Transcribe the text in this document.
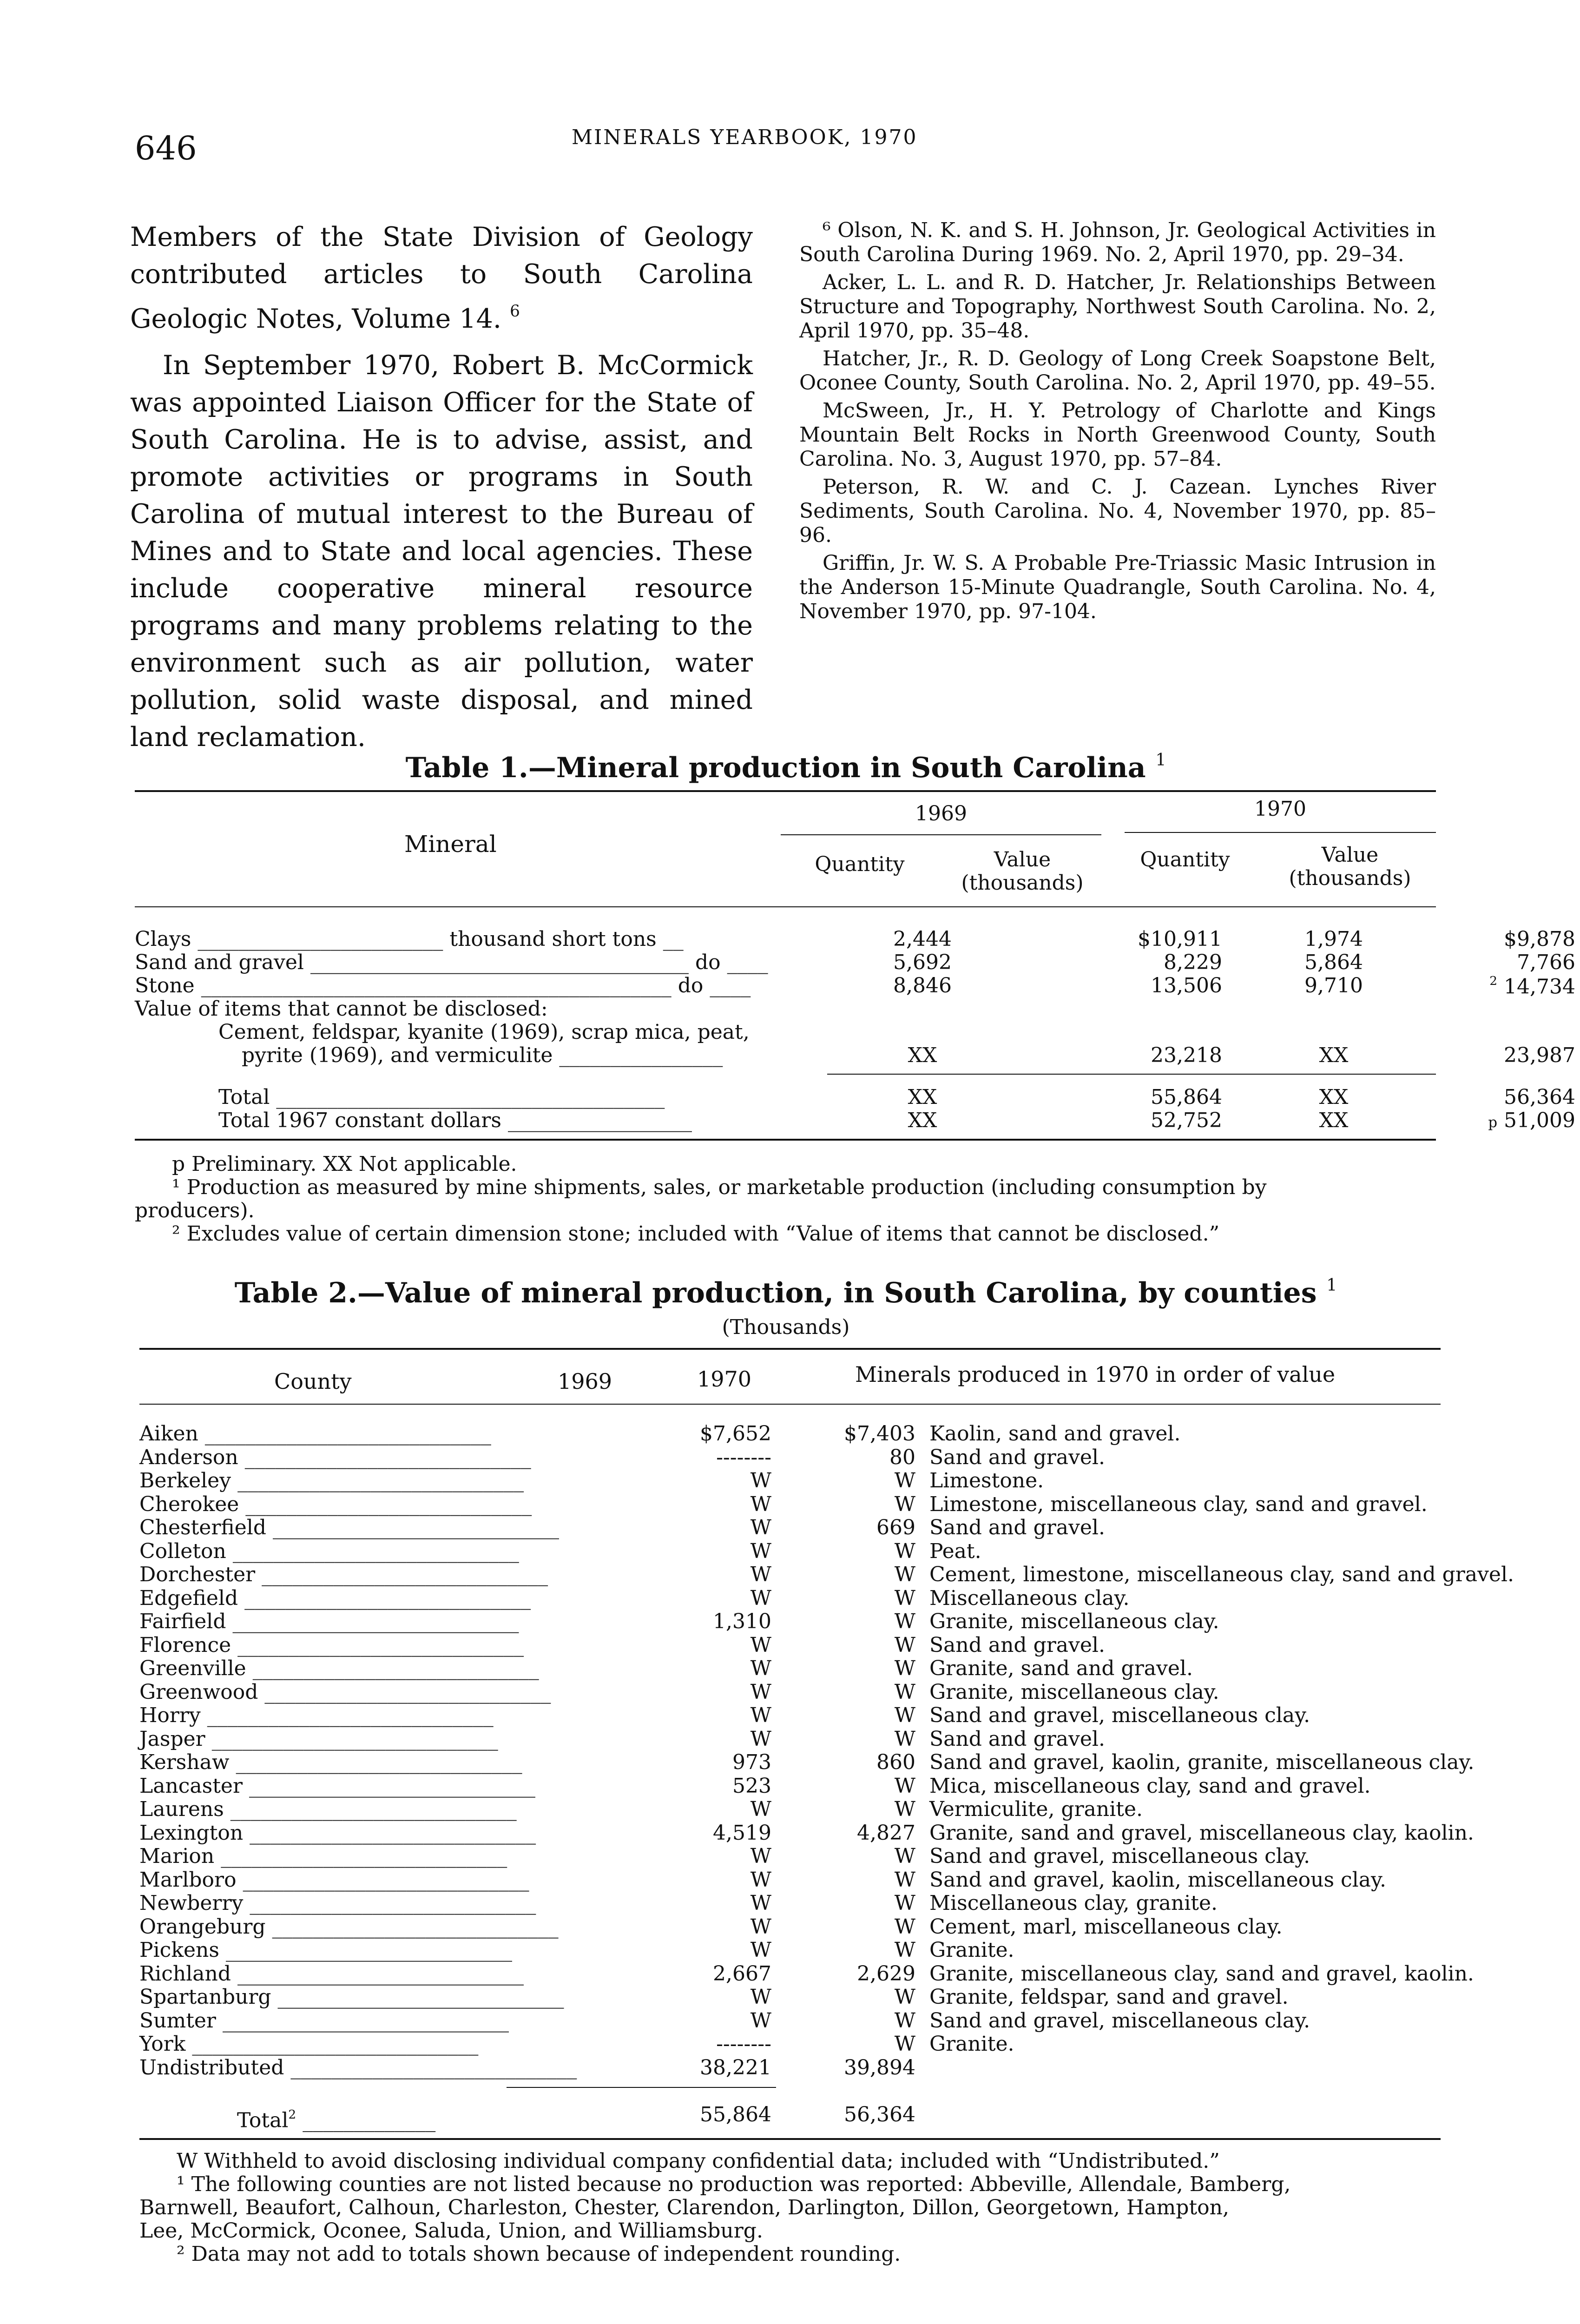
646	MINERALS YEARBOOK, 1970

Members of the State Division of Geology contributed articles to South Carolina Geologic Notes, Volume 14. $^6$

In September 1970, Robert B. McCormick was appointed Liaison Officer for the State of South Carolina. He is to advise, assist, and promote activities or programs in South Carolina of mutual interest to the Bureau of Mines and to State and local agencies. These include cooperative mineral resource programs and many problems relating to the environment such as air pollution, water pollution, solid waste disposal, and mined land reclamation.

⁶ Olson, N. K. and S. H. Johnson, Jr. Geological Activities in South Carolina During 1969. No. 2, April 1970, pp. 29–34.

Acker, L. L. and R. D. Hatcher, Jr. Relationships Between Structure and Topography, Northwest South Carolina. No. 2, April 1970, pp. 35–48.

Hatcher, Jr., R. D. Geology of Long Creek Soapstone Belt, Oconee County, South Carolina. No. 2, April 1970, pp. 49–55.

McSween, Jr., H. Y. Petrology of Charlotte and Kings Mountain Belt Rocks in North Greenwood County, South Carolina. No. 3, August 1970, pp. 57–84.

Peterson, R. W. and C. J. Cazean. Lynches River Sediments, South Carolina. No. 4, November 1970, pp. 85–96.

Griffin, Jr. W. S. A Probable Pre-Triassic Masic Intrusion in the Anderson 15-Minute Quadrangle, South Carolina. No. 4, November 1970, pp. 97-104.

Table 1.—Mineral production in South Carolina $^1$
Mineral
1969	1970
Quantity	Value
(thousands)
Quantity	Value
(thousands)
Clays ________________________ thousand short tons __	2,444	$10,911	1,974	$9,878
Sand and gravel _____________________________________ do ____	5,692	8,229	5,864	7,766
Stone ______________________________________________ do ____	8,846	13,506	9,710	$^2$ 14,734
Value of items that cannot be disclosed:
Cement, feldspar, kyanite (1969), scrap mica, peat,
pyrite (1969), and vermiculite ________________	XX	23,218	XX	23,987
Total ______________________________________	XX	55,864	XX	56,364
Total 1967 constant dollars __________________	XX	52,752	XX	p 51,009
p Preliminary. XX Not applicable.
¹ Production as measured by mine shipments, sales, or marketable production (including consumption by
producers).
² Excludes value of certain dimension stone; included with “Value of items that cannot be disclosed.”
Table 2.—Value of mineral production, in South Carolina, by counties $^1$
(Thousands)
County	1969	1970	Minerals produced in 1970 in order of value
Aiken ____________________________	$7,652	$7,403 Kaolin, sand and gravel.
Anderson ____________________________	--------	80 Sand and gravel.
Berkeley ____________________________	W	W Limestone.
Cherokee ____________________________	W	W Limestone, miscellaneous clay, sand and gravel.
Chesterfield ____________________________	W	669 Sand and gravel.
Colleton ____________________________	W	W Peat.
Dorchester ____________________________	W	W Cement, limestone, miscellaneous clay, sand and gravel.
Edgefield ____________________________	W	W Miscellaneous clay.
Fairfield ____________________________	1,310	W Granite, miscellaneous clay.
Florence ____________________________	W	W Sand and gravel.
Greenville ____________________________	W	W Granite, sand and gravel.
Greenwood ____________________________	W	W Granite, miscellaneous clay.
Horry ____________________________	W	W Sand and gravel, miscellaneous clay.
Jasper ____________________________	W	W Sand and gravel.
Kershaw ____________________________	973	860 Sand and gravel, kaolin, granite, miscellaneous clay.
Lancaster ____________________________	523	W Mica, miscellaneous clay, sand and gravel.
Laurens ____________________________	W	W Vermiculite, granite.
Lexington ____________________________	4,519	4,827 Granite, sand and gravel, miscellaneous clay, kaolin.
Marion ____________________________	W	W Sand and gravel, miscellaneous clay.
Marlboro ____________________________	W	W Sand and gravel, kaolin, miscellaneous clay.
Newberry ____________________________	W	W Miscellaneous clay, granite.
Orangeburg ____________________________	W	W Cement, marl, miscellaneous clay.
Pickens ____________________________	W	W Granite.
Richland ____________________________	2,667	2,629 Granite, miscellaneous clay, sand and gravel, kaolin.
Spartanburg ____________________________	W	W Granite, feldspar, sand and gravel.
Sumter ____________________________	W	W Sand and gravel, miscellaneous clay.
York ____________________________	--------	W Granite.
Undistributed ____________________________	38,221	39,894
Total$^2$ _____________	55,864	56,364
W Withheld to avoid disclosing individual company confidential data; included with “Undistributed.”
¹ The following counties are not listed because no production was reported: Abbeville, Allendale, Bamberg,
Barnwell, Beaufort, Calhoun, Charleston, Chester, Clarendon, Darlington, Dillon, Georgetown, Hampton,
Lee, McCormick, Oconee, Saluda, Union, and Williamsburg.
² Data may not add to totals shown because of independent rounding.
